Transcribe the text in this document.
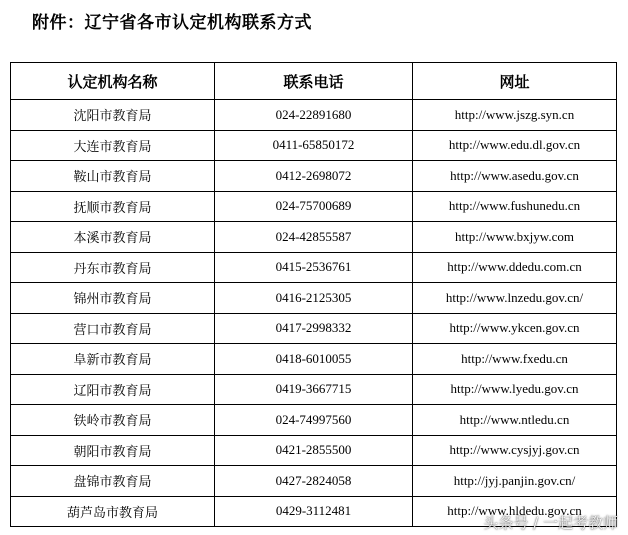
附件：辽宁省各市认定机构联系方式
认定机构名称	联系电话	网址
沈阳市教育局	024-22891680	http://www.jszg.syn.cn
大连市教育局	0411-65850172	http://www.edu.dl.gov.cn
鞍山市教育局	0412-2698072	http://www.asedu.gov.cn
抚顺市教育局	024-75700689	http://www.fushunedu.cn
本溪市教育局	024-42855587	http://www.bxjyw.com
丹东市教育局	0415-2536761	http://www.ddedu.com.cn
锦州市教育局	0416-2125305	http://www.lnzedu.gov.cn/
营口市教育局	0417-2998332	http://www.ykcen.gov.cn
阜新市教育局	0418-6010055	http://www.fxedu.cn
辽阳市教育局	0419-3667715	http://www.lyedu.gov.cn
铁岭市教育局	024-74997560	http://www.ntledu.cn
朝阳市教育局	0421-2855500	http://www.cysjyj.gov.cn
盘锦市教育局	0427-2824058	http://jyj.panjin.gov.cn/
葫芦岛市教育局	0429-3112481	http://www.hldedu.gov.cn
头条号 / 一起考教师
